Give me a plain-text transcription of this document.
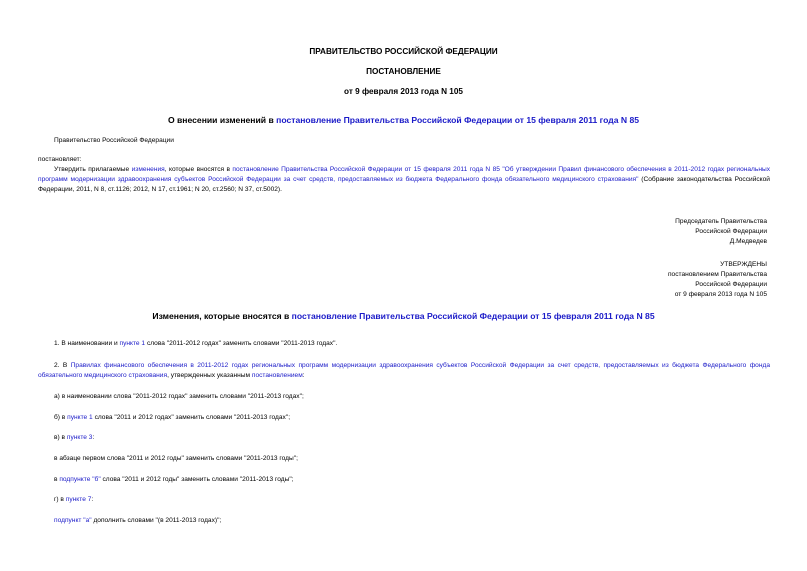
ПРАВИТЕЛЬСТВО РОССИЙСКОЙ ФЕДЕРАЦИИ
ПОСТАНОВЛЕНИЕ
от 9 февраля 2013 года N 105
О внесении изменений в постановление Правительства Российской Федерации от 15 февраля 2011 года N 85
Правительство Российской Федерации
постановляет:
Утвердить прилагаемые изменения, которые вносятся в постановление Правительства Российской Федерации от 15 февраля 2011 года N 85 "Об утверждении Правил финансового обеспечения в 2011-2012 годах региональных программ модернизации здравоохранения субъектов Российской Федерации за счет средств, предоставляемых из бюджета Федерального фонда обязательного медицинского страхования" (Собрание законодательства Российской Федерации, 2011, N 8, ст.1126; 2012, N 17, ст.1961; N 20, ст.2560; N 37, ст.5002).
Председатель Правительства
Российской Федерации
Д.Медведев
УТВЕРЖДЕНЫ
постановлением Правительства
Российской Федерации
от 9 февраля 2013 года N 105
Изменения, которые вносятся в постановление Правительства Российской Федерации от 15 февраля 2011 года N 85
1. В наименовании и пункте 1 слова "2011-2012 годах" заменить словами "2011-2013 годах".
2. В Правилах финансового обеспечения в 2011-2012 годах региональных программ модернизации здравоохранения субъектов Российской Федерации за счет средств, предоставляемых из бюджета Федерального фонда обязательного медицинского страхования, утвержденных указанным постановлением:
а) в наименовании слова "2011-2012 годах" заменить словами "2011-2013 годах";
б) в пункте 1 слова "2011 и 2012 годах" заменить словами "2011-2013 годах";
в) в пункте 3:
в абзаце первом слова "2011 и 2012 годы" заменить словами "2011-2013 годы";
в подпункте "б" слова "2011 и 2012 годы" заменить словами "2011-2013 годы";
г) в пункте 7:
подпункт "а" дополнить словами "(в 2011-2013 годах)";
